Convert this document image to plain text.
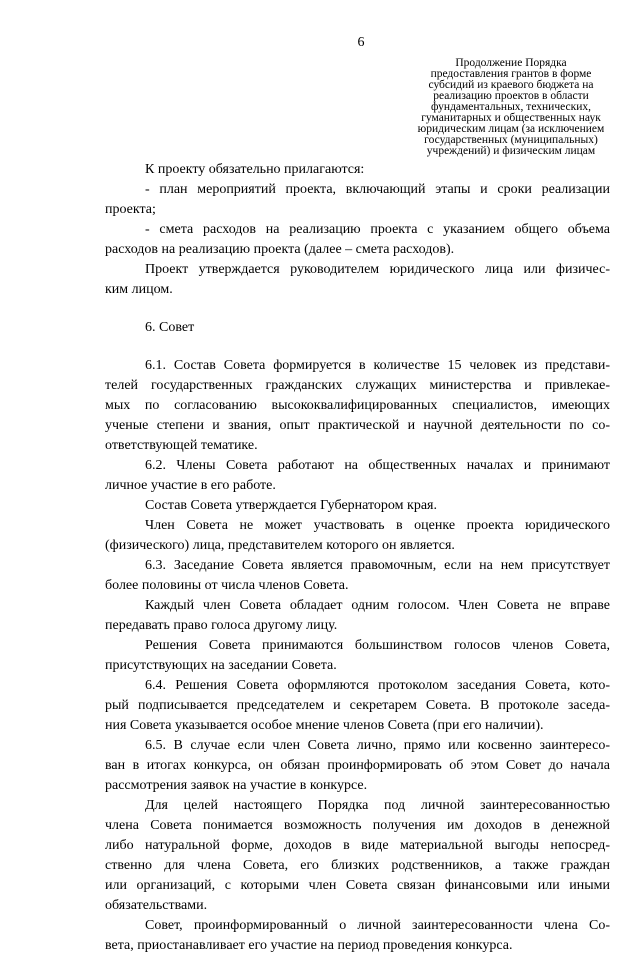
6
Продолжение Порядка
предоставления грантов в форме
субсидий из краевого бюджета на
реализацию проектов в области
фундаментальных, технических,
гуманитарных и общественных наук
юридическим лицам (за исключением
государственных (муниципальных)
учреждений) и физическим лицам
К проекту обязательно прилагаются:
- план мероприятий проекта, включающий этапы и сроки реализации
проекта;
- смета расходов на реализацию проекта с указанием общего объема
расходов на реализацию проекта (далее – смета расходов).
Проект утверждается руководителем юридического лица или физичес-
ким лицом.
6. Совет
6.1. Состав Совета формируется в количестве 15 человек из представи-
телей государственных гражданских служащих министерства и привлекае-
мых по согласованию высококвалифицированных специалистов, имеющих
ученые степени и звания, опыт практической и научной деятельности по со-
ответствующей тематике.
6.2. Члены Совета работают на общественных началах и принимают
личное участие в его работе.
Состав Совета утверждается Губернатором края.
Член Совета не может участвовать в оценке проекта юридического
(физического) лица, представителем которого он является.
6.3. Заседание Совета является правомочным, если на нем присутствует
более половины от числа членов Совета.
Каждый член Совета обладает одним голосом. Член Совета не вправе
передавать право голоса другому лицу.
Решения Совета принимаются большинством голосов членов Совета,
присутствующих на заседании Совета.
6.4. Решения Совета оформляются протоколом заседания Совета, кото-
рый подписывается председателем и секретарем Совета. В протоколе заседа-
ния Совета указывается особое мнение членов Совета (при его наличии).
6.5. В случае если член Совета лично, прямо или косвенно заинтересо-
ван в итогах конкурса, он обязан проинформировать об этом Совет до начала
рассмотрения заявок на участие в конкурсе.
Для целей настоящего Порядка под личной заинтересованностью
члена Совета понимается возможность получения им доходов в денежной
либо натуральной форме, доходов в виде материальной выгоды непосред-
ственно для члена Совета, его близких родственников, а также граждан
или организаций, с которыми член Совета связан финансовыми или иными
обязательствами.
Совет, проинформированный о личной заинтересованности члена Со-
вета, приостанавливает его участие на период проведения конкурса.
